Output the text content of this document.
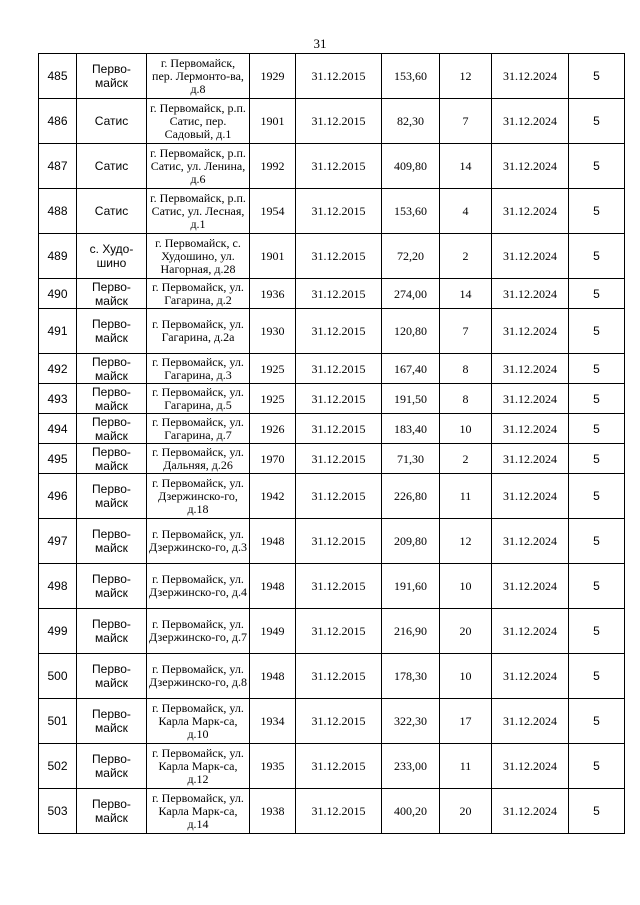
31
485	Перво-майск	г. Первомайск, пер. Лермонто-ва, д.8	1929	31.12.2015	153,60	12	31.12.2024	5
486	Сатис	г. Первомайск, р.п. Сатис, пер. Садовый, д.1	1901	31.12.2015	82,30	7	31.12.2024	5
487	Сатис	г. Первомайск, р.п. Сатис, ул. Ленина, д.6	1992	31.12.2015	409,80	14	31.12.2024	5
488	Сатис	г. Первомайск, р.п. Сатис, ул. Лесная, д.1	1954	31.12.2015	153,60	4	31.12.2024	5
489	с. Худо-шино	г. Первомайск, с. Худошино, ул. Нагорная, д.28	1901	31.12.2015	72,20	2	31.12.2024	5
490	Перво-майск	г. Первомайск, ул. Гагарина, д.2	1936	31.12.2015	274,00	14	31.12.2024	5
491	Перво-майск	г. Первомайск, ул. Гагарина, д.2а	1930	31.12.2015	120,80	7	31.12.2024	5
492	Перво-майск	г. Первомайск, ул. Гагарина, д.3	1925	31.12.2015	167,40	8	31.12.2024	5
493	Перво-майск	г. Первомайск, ул. Гагарина, д.5	1925	31.12.2015	191,50	8	31.12.2024	5
494	Перво-майск	г. Первомайск, ул. Гагарина, д.7	1926	31.12.2015	183,40	10	31.12.2024	5
495	Перво-майск	г. Первомайск, ул. Дальняя, д.26	1970	31.12.2015	71,30	2	31.12.2024	5
496	Перво-майск	г. Первомайск, ул. Дзержинско-го, д.18	1942	31.12.2015	226,80	11	31.12.2024	5
497	Перво-майск	г. Первомайск, ул. Дзержинско-го, д.3	1948	31.12.2015	209,80	12	31.12.2024	5
498	Перво-майск	г. Первомайск, ул. Дзержинско-го, д.4	1948	31.12.2015	191,60	10	31.12.2024	5
499	Перво-майск	г. Первомайск, ул. Дзержинско-го, д.7	1949	31.12.2015	216,90	20	31.12.2024	5
500	Перво-майск	г. Первомайск, ул. Дзержинско-го, д.8	1948	31.12.2015	178,30	10	31.12.2024	5
501	Перво-майск	г. Первомайск, ул. Карла Марк-са, д.10	1934	31.12.2015	322,30	17	31.12.2024	5
502	Перво-майск	г. Первомайск, ул. Карла Марк-са, д.12	1935	31.12.2015	233,00	11	31.12.2024	5
503	Перво-майск	г. Первомайск, ул. Карла Марк-са, д.14	1938	31.12.2015	400,20	20	31.12.2024	5
